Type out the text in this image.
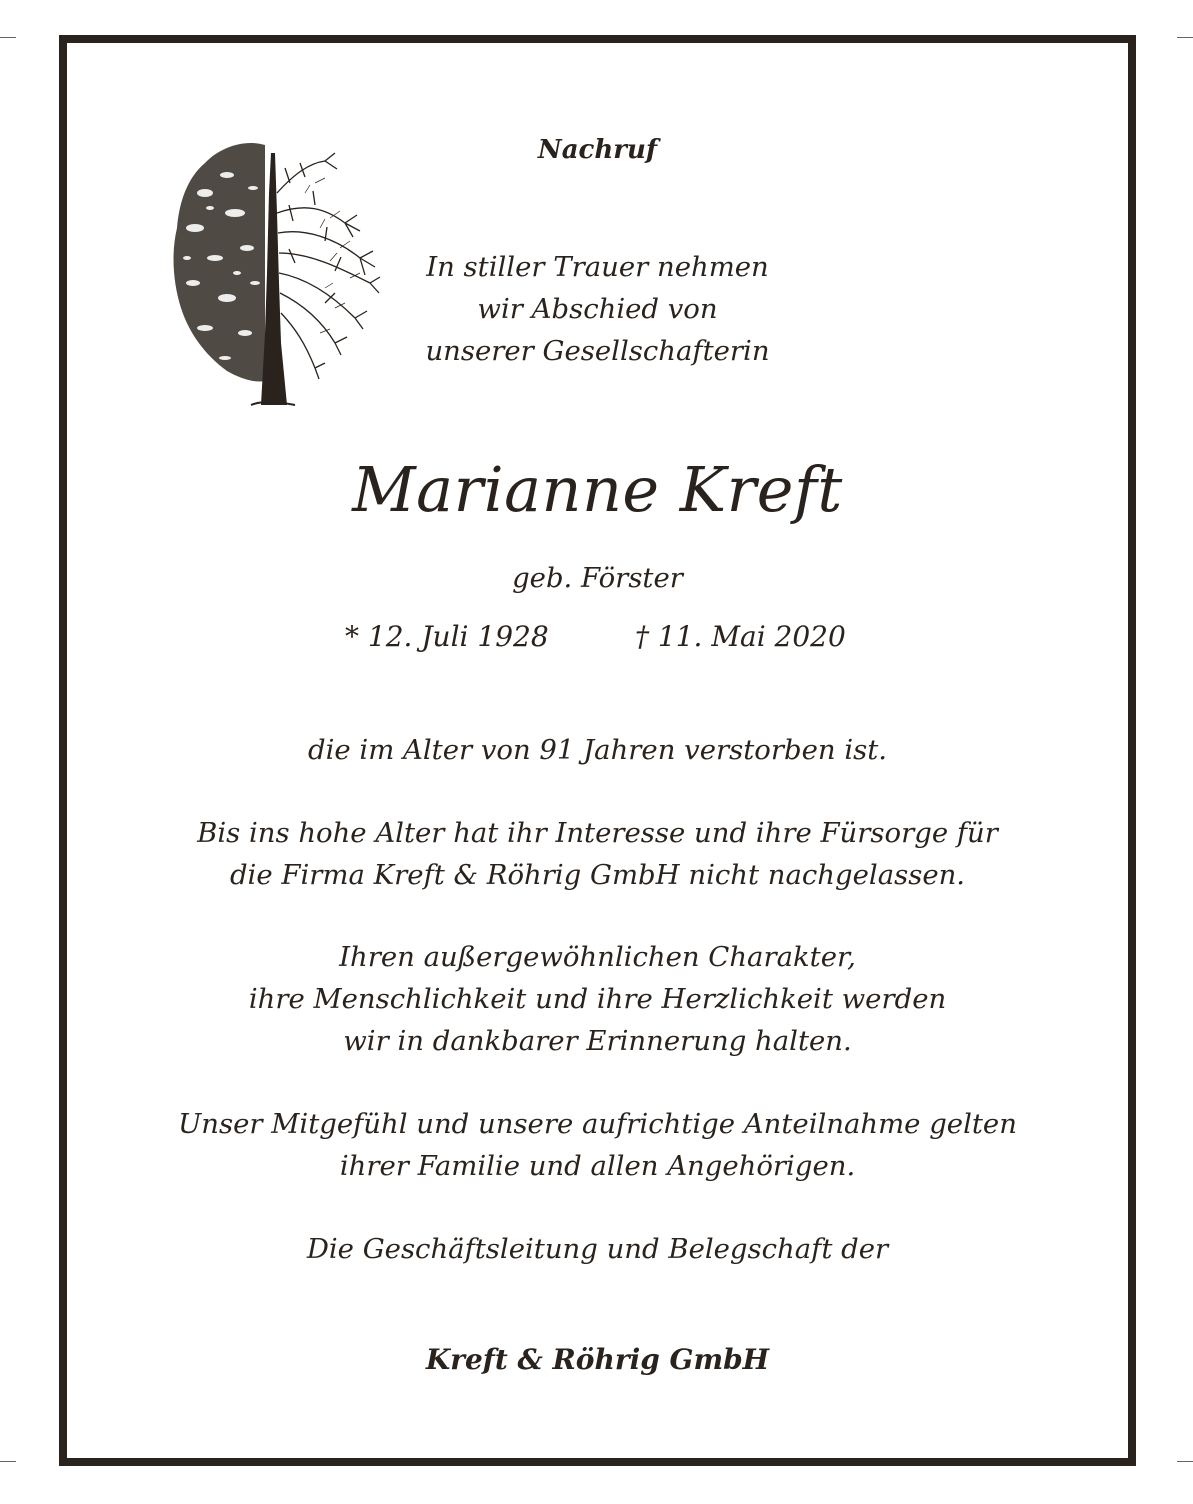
Nachruf
In stiller Trauer nehmen
wir Abschied von
unserer Gesellschafterin
Marianne Kreft
geb. Förster
* 12. Juli 1928	† 11. Mai 2020
die im Alter von 91 Jahren verstorben ist.
Bis ins hohe Alter hat ihr Interesse und ihre Fürsorge für
die Firma Kreft & Röhrig GmbH nicht nachgelassen.
Ihren außergewöhnlichen Charakter,
ihre Menschlichkeit und ihre Herzlichkeit werden
wir in dankbarer Erinnerung halten.
Unser Mitgefühl und unsere aufrichtige Anteilnahme gelten
ihrer Familie und allen Angehörigen.
Die Geschäftsleitung und Belegschaft der
Kreft & Röhrig GmbH
